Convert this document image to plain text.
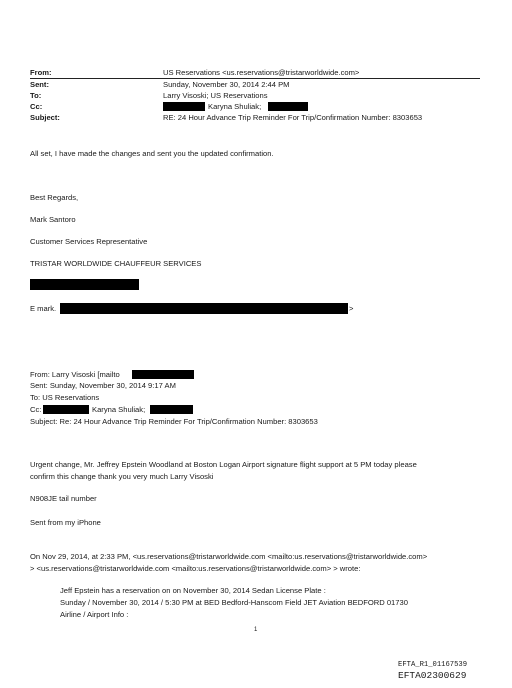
From:	US Reservations <us.reservations@tristarworldwide.com>
Sent:	Sunday, November 30, 2014 2:44 PM
To:	Larry Visoski; US Reservations
Cc:	Karyna Shuliak;
Subject:	RE: 24 Hour Advance Trip Reminder For Trip/Confirmation Number: 8303653
All set, I have made the changes and sent you the updated confirmation.
Best Regards,
Mark Santoro
Customer Services Representative
TRISTAR WORLDWIDE CHAUFFEUR SERVICES
E mark.	>
From: Larry Visoski [mailto
Sent: Sunday, November 30, 2014 9:17 AM
To: US Reservations
Cc:	Karyna Shuliak;
Subject: Re: 24 Hour Advance Trip Reminder For Trip/Confirmation Number: 8303653
Urgent change, Mr. Jeffrey Epstein Woodland at Boston Logan Airport signature flight support at 5 PM today please
confirm this change thank you very much Larry Visoski
N908JE tail number
Sent from my iPhone
On Nov 29, 2014, at 2:33 PM, <us.reservations@tristarworldwide.com <mailto:us.reservations@tristarworldwide.com>
> <us.reservations@tristarworldwide.com <mailto:us.reservations@tristarworldwide.com> > wrote:
Jeff Epstein has a reservation on on November 30, 2014 Sedan License Plate :
Sunday / November 30, 2014 / 5:30 PM at BED Bedford-Hanscom Field JET Aviation BEDFORD 01730
Airline / Airport Info :
1
EFTA_R1_01167539
EFTA02300629
